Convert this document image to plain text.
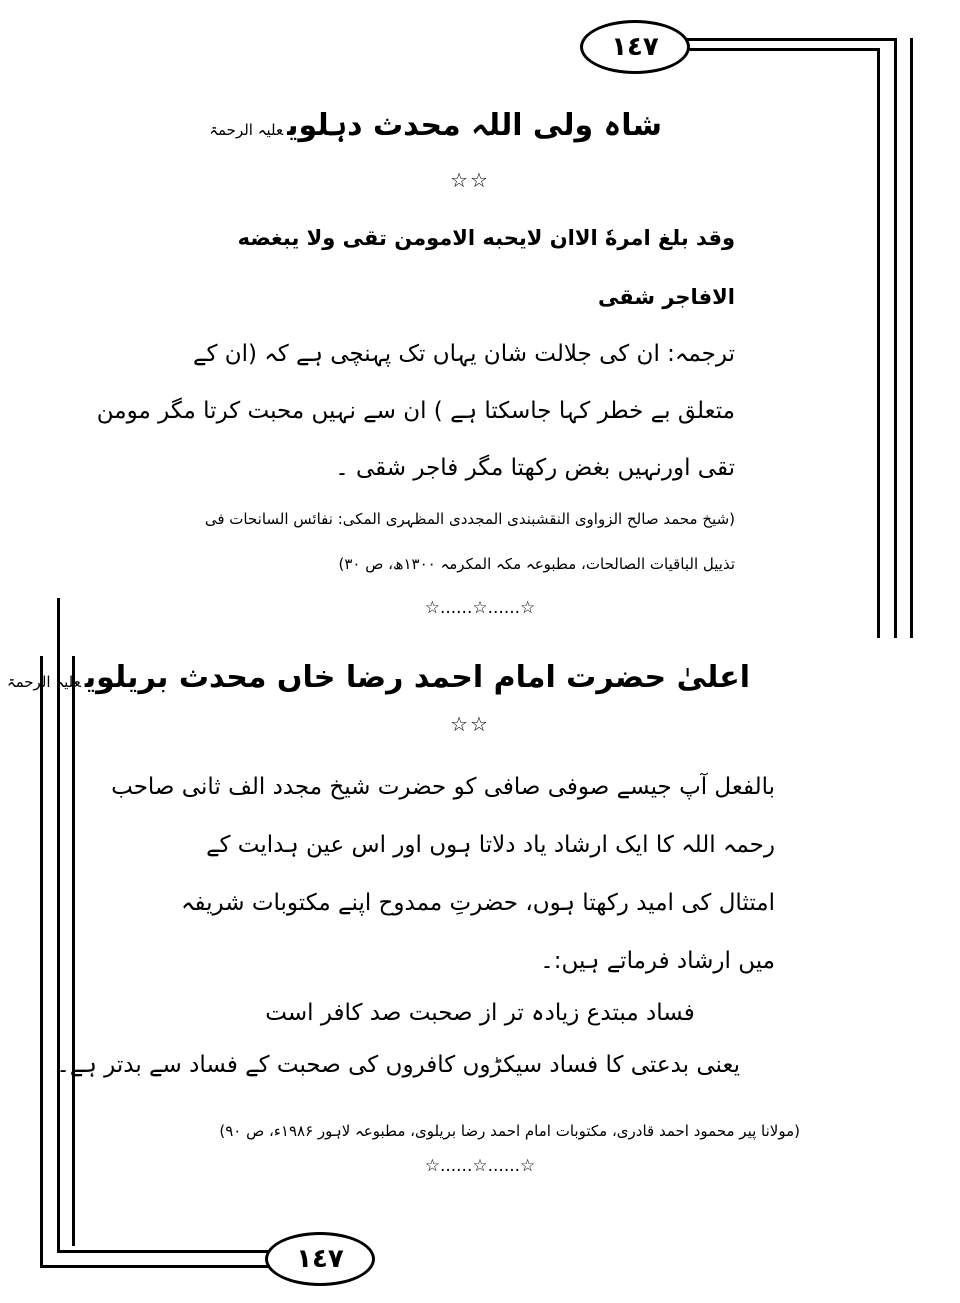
١٤٧
١٤٧
شاہ ولی اللہ محدث دہلویعلیہ الرحمۃ
☆☆
وقد بلغ امرهٗ الاان لایحبه الامومن تقی ولا یبغضه
الافاجر شقی
ترجمہ: ان کی جلالت شان یہاں تک پہنچی ہے کہ (ان کے
متعلق بے خطر کہا جاسکتا ہے ) ان سے نہیں محبت کرتا مگر مومن
تقی اورنہیں بغض رکھتا مگر فاجر شقی ۔
(شیخ محمد صالح الزواوی النقشبندی المجددی المظہری المکی: نفائس السانحات فی
تذییل الباقیات الصالحات، مطبوعہ مکہ المکرمہ ۱۳۰۰ھ، ص ۳۰)
☆......☆......☆
اعلیٰ حضرت امام احمد رضا خاں محدث بریلویعلیہ الرحمۃ
☆☆
بالفعل آپ جیسے صوفی صافی کو حضرت شیخ مجدد الف ثانی صاحب
رحمہ اللہ کا ایک ارشاد یاد دلاتا ہوں اور اس عین ہدایت کے
امتثال کی امید رکھتا ہوں، حضرتِ ممدوح اپنے مکتوبات شریفہ
میں ارشاد فرماتے ہیں:۔
فساد مبتدع زیادہ تر از صحبت صد کافر است
یعنی بدعتی کا فساد سیکڑوں کافروں کی صحبت کے فساد سے بدتر ہے۔
(مولانا پیر محمود احمد قادری، مکتوبات امام احمد رضا بریلوی، مطبوعہ لاہور ۱۹۸۶ء، ص ۹۰)
☆......☆......☆
